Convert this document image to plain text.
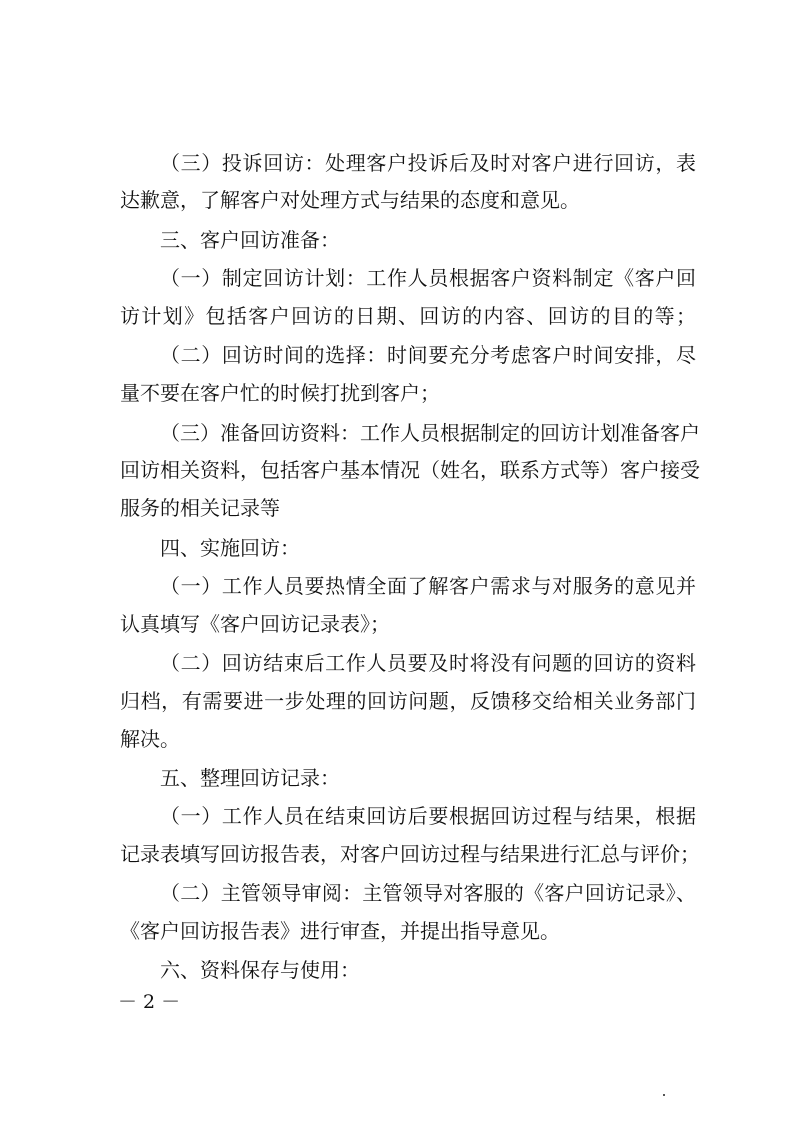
（三）投诉回访：处理客户投诉后及时对客户进行回访，表
达歉意，了解客户对处理方式与结果的态度和意见。
三、客户回访准备：
（一）制定回访计划：工作人员根据客户资料制定《客户回
访计划》包括客户回访的日期、回访的内容、回访的目的等；
（二）回访时间的选择：时间要充分考虑客户时间安排，尽
量不要在客户忙的时候打扰到客户；
（三）准备回访资料：工作人员根据制定的回访计划准备客户
回访相关资料，包括客户基本情况（姓名，联系方式等）客户接受
服务的相关记录等
四、实施回访：
（一）工作人员要热情全面了解客户需求与对服务的意见并
认真填写《客户回访记录表》；
（二）回访结束后工作人员要及时将没有问题的回访的资料
归档，有需要进一步处理的回访问题，反馈移交给相关业务部门
解决。
五、整理回访记录：
（一）工作人员在结束回访后要根据回访过程与结果，根据
记录表填写回访报告表，对客户回访过程与结果进行汇总与评价；
（二）主管领导审阅：主管领导对客服的《客户回访记录》、
《客户回访报告表》进行审查，并提出指导意见。
六、资料保存与使用：
－ 2 －
